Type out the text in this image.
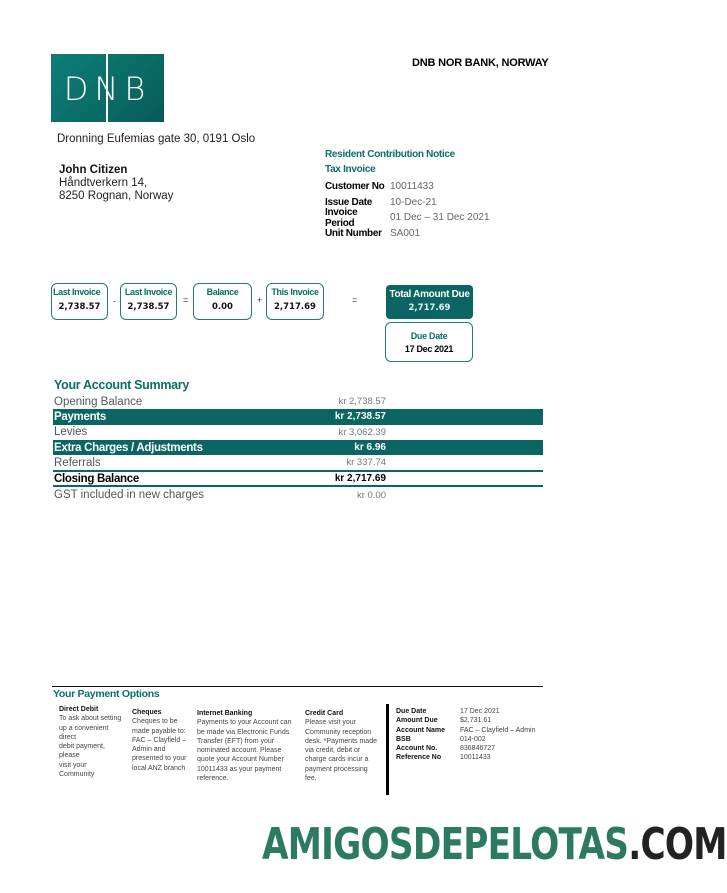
DNB
DNB NOR BANK, NORWAY
Dronning Eufemias gate 30, 0191 Oslo
John Citizen
Håndtverkern 14,
8250 Rognan, Norway
Resident Contribution Notice
Tax Invoice
Customer No 10011433
Issue Date	10-Dec-21
Invoice Period	01 Dec – 31 Dec 2021
Unit Number SA001
Last Invoice
2,738.57
-
Last Invoice
2,738.57
=
Balance
0.00
+
This Invoice
2,717.69
=	Total Amount Due
2,717.69
Due Date
17 Dec 2021
Your Account Summary
Opening Balance	kr 2,738.57
Payments	kr 2,738.57
Levies	kr 3,062.39
Extra Charges / Adjustments	kr 6.96
Referrals	kr 337.74
Closing Balance	kr 2,717.69
GST included in new charges	kr 0.00
Your Payment Options
Direct Debit
To ask about setting
up a convenient
direct
debit payment,
please
visit your
Community
Cheques
Cheques to be
made payable to:
FAC – Clayfield –
Admin and
presented to your
local ANZ branch
Internet Banking
Payments to your Account can
be made via Electronic Funds
Transfer (EFT) from your
nominated account. Please
quote your Account Number
10011433 as your payment
reference.
Credit Card
Please visit your
Community reception
desk. *Payments made
via credit, debit or
charge cards incur a
payment processing
fee.
Due Date	17 Dec 2021
Amount Due	$2,731.61
Account Name	FAC – Clayfield – Admin
BSB	014-002
Account No.	836846727
Reference No	10011433
AMIGOSDEPELOTAS.COM
